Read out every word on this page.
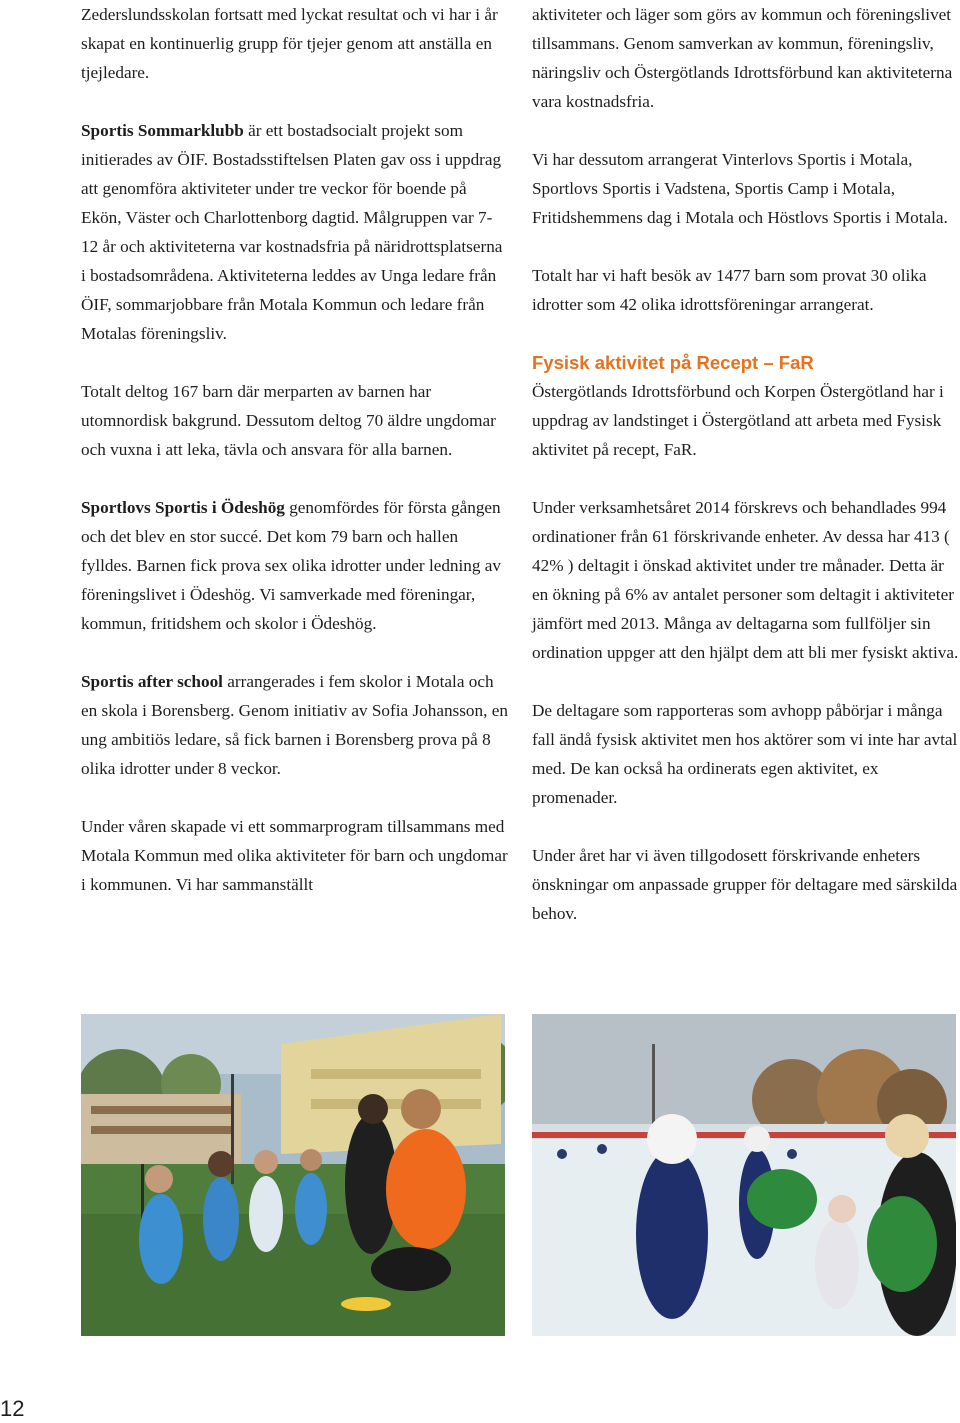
Zederslundsskolan fortsatt med lyckat resultat och vi har i år skapat en kontinuerlig grupp för tjejer genom att anställa en tjejledare.

Sportis Sommarklubb är ett bostadsocialt projekt som initierades av ÖIF. Bostadsstiftelsen Platen gav oss i uppdrag att genomföra aktiviteter under tre veckor för boende på Ekön, Väster och Charlottenborg dagtid. Målgruppen var 7-12 år och aktiviteterna var kostnadsfria på näridrottsplatserna i bostadsområdena. Aktiviteterna leddes av Unga ledare från ÖIF, sommarjobbare från Motala Kommun och ledare från Motalas föreningsliv.

Totalt deltog 167 barn där merparten av barnen har utomnordisk bakgrund. Dessutom deltog 70 äldre ungdomar och vuxna i att leka, tävla och ansvara för alla barnen.

Sportlovs Sportis i Ödeshög genomfördes för första gången och det blev en stor succé. Det kom 79 barn och hallen fylldes. Barnen fick prova sex olika idrotter under ledning av föreningslivet i Ödeshög. Vi samverkade med föreningar, kommun, fritidshem och skolor i Ödeshög.

Sportis after school arrangerades i fem skolor i Motala och en skola i Borensberg. Genom initiativ av Sofia Johansson, en ung ambitiös ledare, så fick barnen i Borensberg prova på 8 olika idrotter under 8 veckor.

Under våren skapade vi ett sommarprogram tillsammans med Motala Kommun med olika aktiviteter för barn och ungdomar i kommunen. Vi har sammanställt

aktiviteter och läger som görs av kommun och föreningslivet tillsammans. Genom samverkan av kommun, föreningsliv, näringsliv och Östergötlands Idrottsförbund kan aktiviteterna vara kostnadsfria.

Vi har dessutom arrangerat Vinterlovs Sportis i Motala, Sportlovs Sportis i Vadstena, Sportis Camp i Motala, Fritidshemmens dag i Motala och Höstlovs Sportis i Motala.

Totalt har vi haft besök av 1477 barn som provat 30 olika idrotter som 42 olika idrottsföreningar arrangerat.

Fysisk aktivitet på Recept – FaR

Östergötlands Idrottsförbund och Korpen Östergötland har i uppdrag av landstinget i Östergötland att arbeta med Fysisk aktivitet på recept, FaR.

Under verksamhetsåret 2014 förskrevs och behandlades 994 ordinationer från 61 förskrivande enheter. Av dessa har 413 ( 42% ) deltagit i önskad aktivitet under tre månader. Detta är en ökning på 6% av antalet personer som deltagit i aktiviteter jämfört med 2013. Många av deltagarna som fullföljer sin ordination uppger att den hjälpt dem att bli mer fysiskt aktiva.

De deltagare som rapporteras som avhopp påbörjar i många fall ändå fysisk aktivitet men hos aktörer som vi inte har avtal med. De kan också ha ordinerats egen aktivitet, ex promenader.

Under året har vi även tillgodosett förskrivande enheters önskningar om anpassade grupper för deltagare med särskilda behov.

12
